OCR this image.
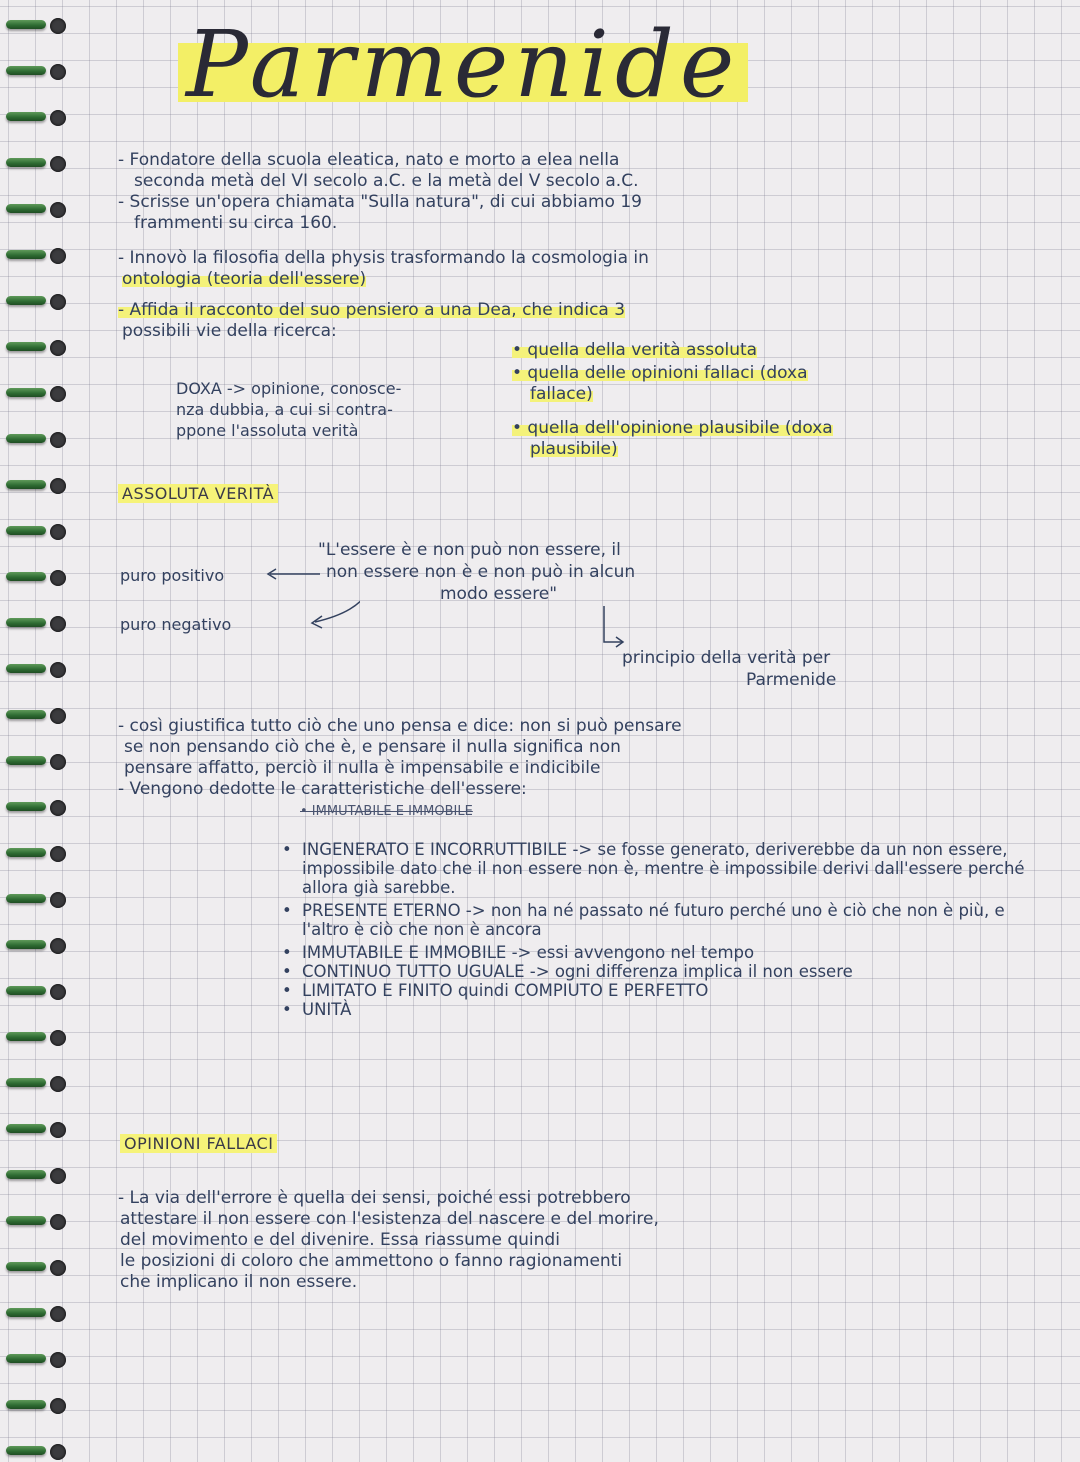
Parmenide
- Fondatore della scuola eleatica, nato e morto a elea nella
seconda metà del VI secolo a.C. e la metà del V secolo a.C.
- Scrisse un'opera chiamata "Sulla natura", di cui abbiamo 19
frammenti su circa 160.
- Innovò la filosofia della physis trasformando la cosmologia in
ontologia (teoria dell'essere)
- Affida il racconto del suo pensiero a una Dea, che indica 3
possibili vie della ricerca:
• quella della verità assoluta
• quella delle opinioni fallaci (doxa
fallace)
• quella dell'opinione plausibile (doxa
plausibile)
DOXA -> opinione, conosce-
nza dubbia, a cui si contra-
ppone l'assoluta verità
ASSOLUTA VERITÀ
"L'essere è e non può non essere, il
non essere non è e non può in alcun
modo essere"
puro positivo
puro negativo
principio della verità per
Parmenide
- così giustifica tutto ciò che uno pensa e dice: non si può pensare
se non pensando ciò che è, e pensare il nulla significa non
pensare affatto, perciò il nulla è impensabile e indicibile
- Vengono dedotte le caratteristiche dell'essere:
• IMMUTABILE E IMMOBILE
• INGENERATO E INCORRUTTIBILE -> se fosse generato, deriverebbe da un non essere, impossibile dato che il non essere non è, mentre è impossibile derivi dall'essere perché allora già sarebbe.
• PRESENTE ETERNO -> non ha né passato né futuro perché uno è ciò che non è più, e l'altro è ciò che non è ancora
• IMMUTABILE E IMMOBILE -> essi avvengono nel tempo
• CONTINUO TUTTO UGUALE -> ogni differenza implica il non essere
• LIMITATO E FINITO quindi COMPIUTO E PERFETTO
• UNITÀ
OPINIONI FALLACI
- La via dell'errore è quella dei sensi, poiché essi potrebbero
attestare il non essere con l'esistenza del nascere e del morire,
del movimento e del divenire. Essa riassume quindi
le posizioni di coloro che ammettono o fanno ragionamenti
che implicano il non essere.
